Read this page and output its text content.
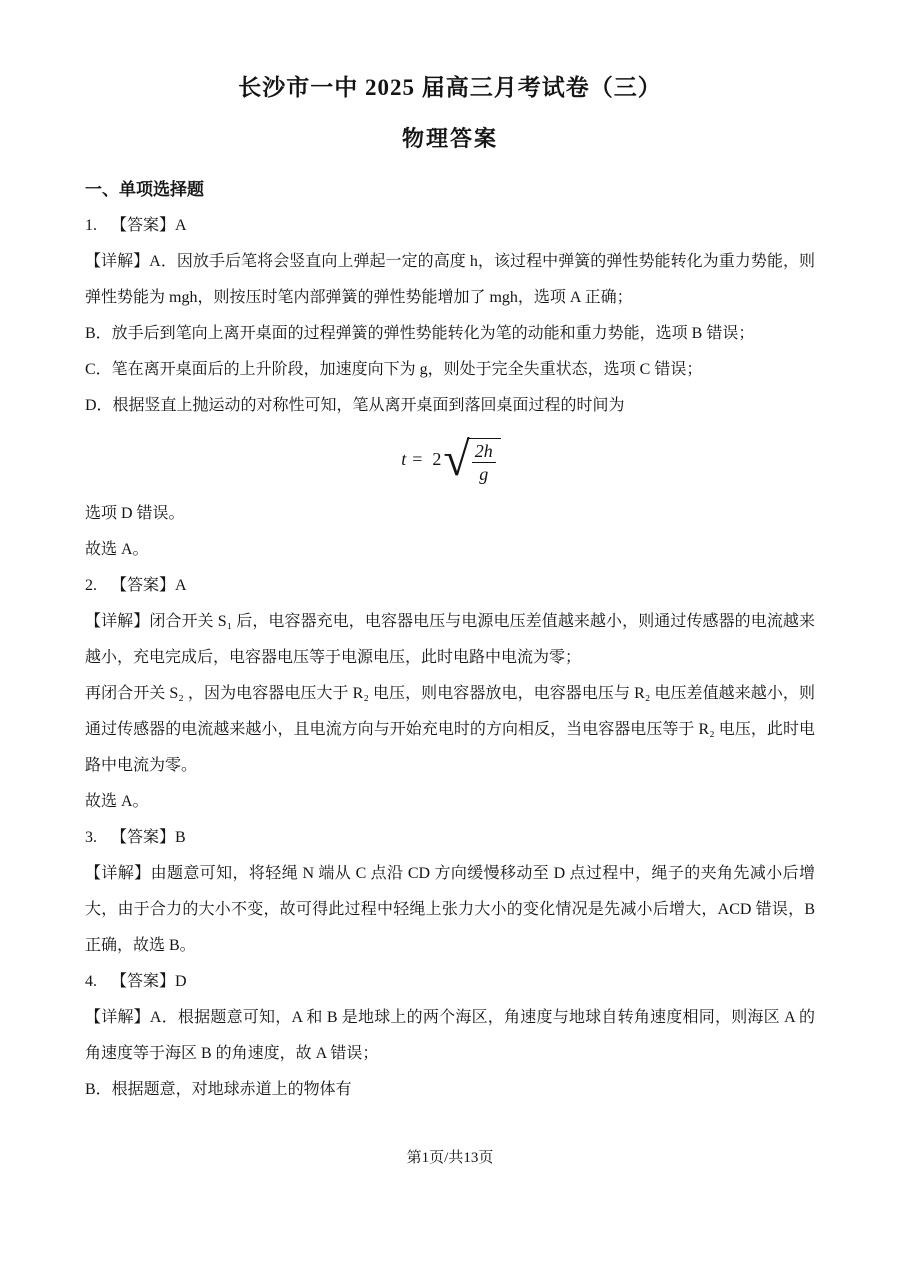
长沙市一中 2025 届高三月考试卷（三）
物理答案

一、单项选择题

1. 【答案】A

【详解】A．因放手后笔将会竖直向上弹起一定的高度 h，该过程中弹簧的弹性势能转化为重力势能，则弹性势能为 mgh，则按压时笔内部弹簧的弹性势能增加了 mgh，选项 A 正确；

B．放手后到笔向上离开桌面的过程弹簧的弹性势能转化为笔的动能和重力势能，选项 B 错误；

C．笔在离开桌面后的上升阶段，加速度向下为 g，则处于完全失重状态，选项 C 错误；

D．根据竖直上抛运动的对称性可知，笔从离开桌面到落回桌面过程的时间为

t = 2 √
$\frac{2h}{g}$

选项 D 错误。

故选 A。

2. 【答案】A

【详解】闭合开关 S₁ 后，电容器充电，电容器电压与电源电压差值越来越小，则通过传感器的电流越来越小，充电完成后，电容器电压等于电源电压，此时电路中电流为零；

再闭合开关 S₂ ，因为电容器电压大于 R₂ 电压，则电容器放电，电容器电压与 R₂ 电压差值越来越小，则通过传感器的电流越来越小，且电流方向与开始充电时的方向相反，当电容器电压等于 R₂ 电压，此时电路中电流为零。

故选 A。

3. 【答案】B

【详解】由题意可知，将轻绳 N 端从 C 点沿 CD 方向缓慢移动至 D 点过程中，绳子的夹角先减小后增大，由于合力的大小不变，故可得此过程中轻绳上张力大小的变化情况是先减小后增大，ACD 错误，B 正确，故选 B。

4. 【答案】D

【详解】A．根据题意可知，A 和 B 是地球上的两个海区，角速度与地球自转角速度相同，则海区 A 的角速度等于海区 B 的角速度，故 A 错误；

B．根据题意，对地球赤道上的物体有

第1页/共13页
